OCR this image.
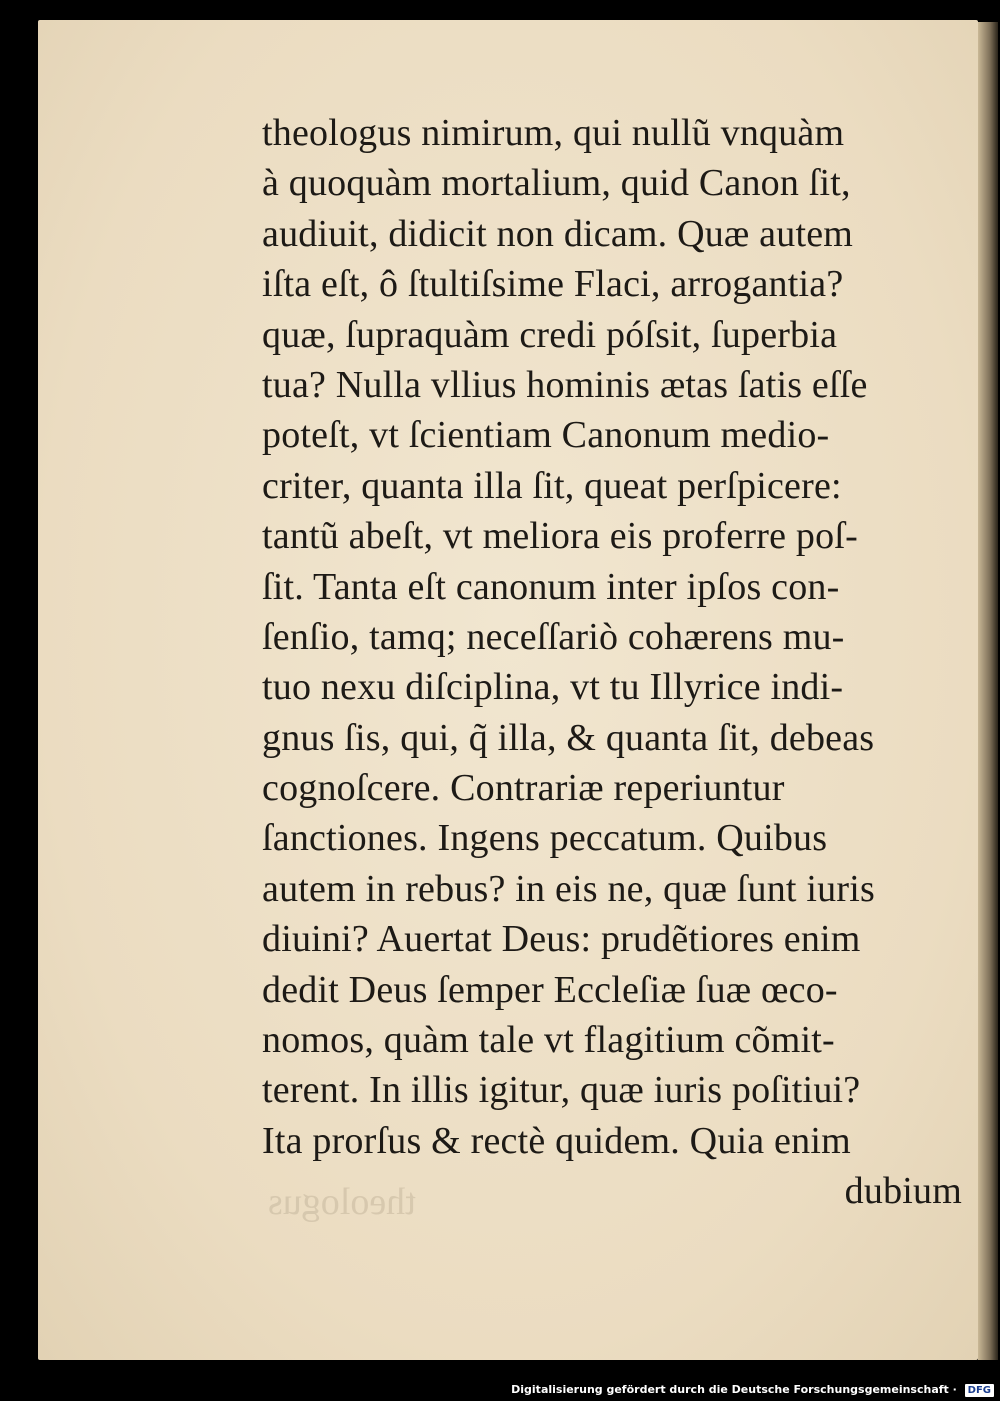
theologus
theologus nimirum, qui nullũ vnquàm
à quoquàm mortalium, quid Canon ſit,
audiuit, didicit non dicam. Quæ autem
iſta eſt, ô ſtultiſsime Flaci, arrogantia?
quæ, ſupraquàm credi póſsit, ſuperbia
tua? Nulla vllius hominis ætas ſatis eſſe
poteſt, vt ſcientiam Canonum medio-
criter, quanta illa ſit, queat perſpicere:
tantũ abeſt, vt meliora eis proferre poſ-
ſit. Tanta eſt canonum inter ipſos con-
ſenſio, tamq; neceſſariò cohærens mu-
tuo nexu diſciplina, vt tu Illyrice indi-
gnus ſis, qui, q̃ illa, & quanta ſit, debeas
cognoſcere. Contrariæ reperiuntur
ſanctiones. Ingens peccatum. Quibus
autem in rebus? in eis ne, quæ ſunt iuris
diuini? Auertat Deus: prudẽtiores enim
dedit Deus ſemper Eccleſiæ ſuæ œco-
nomos, quàm tale vt flagitium cõmit-
terent. In illis igitur, quæ iuris poſitiui?
Ita prorſus & rectè quidem. Quia enim
dubium
Digitalisierung gefördert durch die Deutsche Forschungsgemeinschaft · DFG
